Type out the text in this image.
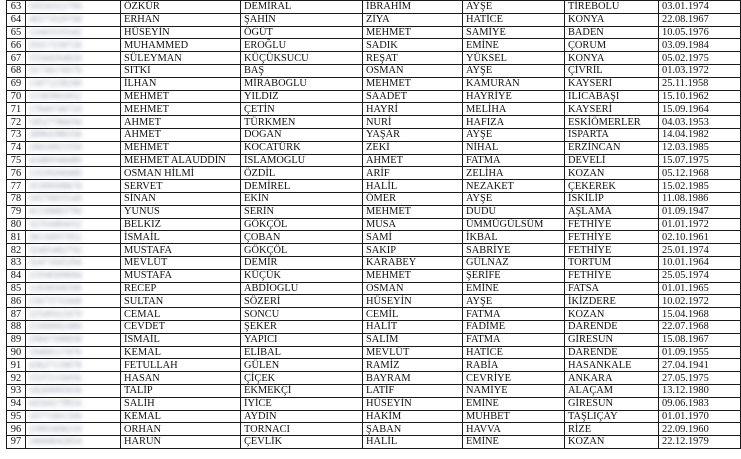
63	16556322790	ÖZKÜR	DEMİRAL	İBRAHİM	AYŞE	TİREBOLU	03.01.1974
64	46573529708	ERHAN	ŞAHİN	ZİYA	HATİCE	KONYA	22.08.1967
65	12443335542	HÜSEYİN	ÖĞÜT	MEHMET	SAMİYE	BADEN	10.05.1976
66	35017230726	MUHAMMED	EROĞLU	SADIK	EMİNE	ÇORUM	03.09.1984
67	15344264826	SÜLEYMAN	KÜÇÜKSUCU	REŞAT	YÜKSEL	KONYA	05.02.1975
68	31738176570	SITKI	BAŞ	OSMAN	AYŞE	ÇİVRİL	01.03.1972
69	13071238180	İLHAN	MİRABOĞLU	MEHMET	KAMURAN	KAYSERİ	25.11.1958
70	11383962652	MEHMET	YILDIZ	SAADET	HAYRİYE	ILICABAŞI	15.10.1962
71	17840746724	MEHMET	ÇETİN	HAYRİ	MELİHA	KAYSERİ	15.09.1964
72	18527786056	AHMET	TÜRKMEN	NURİ	HAFIZA	ESKİÖMERLER	04.03.1953
73	28964388356	AHMET	DOĞAN	YAŞAR	AYŞE	ISPARTA	14.04.1982
74	18616921550	MEHMET	KOCATÜRK	ZEKİ	NİHAL	ERZİNCAN	12.03.1985
75	43480548480	MEHMET ALAUDDİN	İSLAMOĞLU	AHMET	FATMA	DEVELİ	15.07.1975
76	13339268480	OSMAN HİLMİ	ÖZDİL	ARİF	ZELİHA	KOZAN	05.12.1968
77	35399598676	SERVET	DEMİREL	HALİL	NEZAKET	ÇEKEREK	15.02.1985
78	16576835540	SİNAN	EKİN	ÖMER	AYŞE	İSKİLİP	11.08.1986
79	41338883790	YUNUS	SERİN	MEHMET	DUDU	AŞLAMA	01.09.1947
80	32354484432	BELKIZ	GÖKÇÖL	MUSA	ÜMMÜGÜLSÜM	FETHİYE	01.01.1972
81	38116957952	İSMAİL	ÇOBAN	SAMİ	İKBAL	FETHİYE	02.10.1961
82	32405482792	MUSTAFA	GÖKÇÖL	SAKIP	SABRİYE	FETHİYE	25.01.1974
83	32471845294	MEVLÜT	DEMİR	KARABEY	GÜLNAZ	TORTUM	10.01.1964
84	31938309694	MUSTAFA	KÜÇÜK	MEHMET	ŞERİFE	FETHİYE	25.05.1974
85	11838508598	RECEP	ABDİOĞLU	OSMAN	EMİNE	FATSA	01.01.1965
86	15673731668	SULTAN	SÖZERİ	HÜSEYİN	AYŞE	İKİZDERE	10.02.1972
87	22549322470	CEMAL	SONCU	CEMİL	FATMA	KOZAN	15.04.1968
88	21666062480	CEVDET	ŞEKER	HALİT	FADİME	DARENDE	22.07.1968
89	29847598858	İSMAİL	YAPICI	SALİM	FATMA	GİRESUN	15.08.1967
90	19408117876	KEMAL	ELİBAL	MEVLÜT	HATİCE	DARENDE	01.09.1955
91	43627119878	FETULLAH	GÜLEN	RAMİZ	RABİA	HASANKALE	27.04.1941
92	15372116056	HASAN	ÇİÇEK	BAYRAM	CEVRİYE	ANKARA	27.05.1975
93	18269995936	TALİP	EKMEKÇİ	LATİF	NAMİYE	ALAÇAM	13.12.1980
94	44344179916	SALİH	İYİCE	HÜSEYİN	EMİNE	GİRESUN	09.06.1983
95	10771601306	KEMAL	AYDIN	HAKİM	MUHBET	TAŞLIÇAY	01.01.1970
96	23993498210	ORHAN	TORNACI	ŞABAN	HAVVA	RİZE	22.09.1960
97	34668042854	HARUN	ÇEVLİK	HALİL	EMİNE	KOZAN	22.12.1979
